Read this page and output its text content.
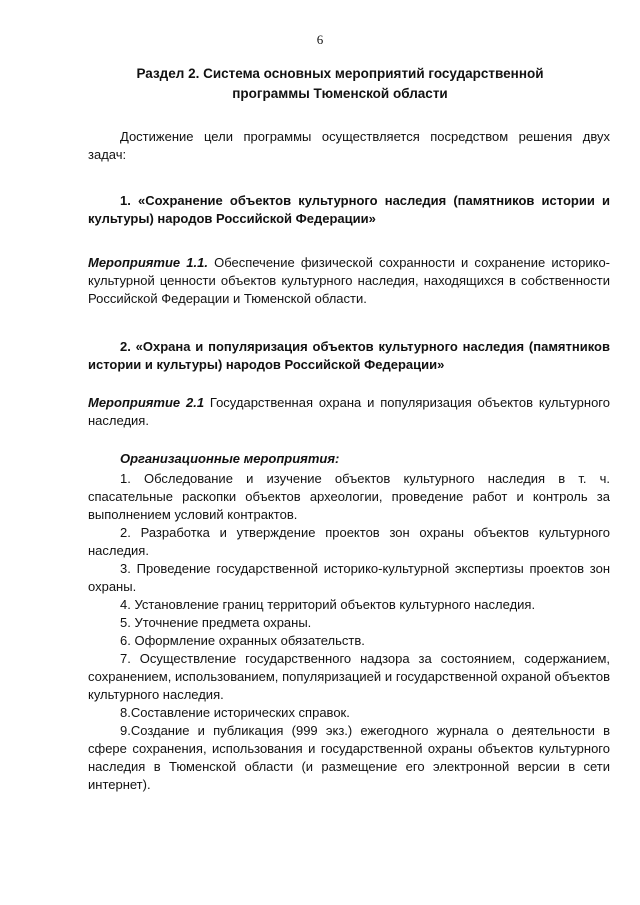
6
Раздел 2. Система основных мероприятий государственной программы Тюменской области
Достижение цели программы осуществляется посредством решения двух задач:
1. «Сохранение объектов культурного наследия (памятников истории и культуры) народов Российской Федерации»
Мероприятие 1.1. Обеспечение физической сохранности и сохранение историко-культурной ценности объектов культурного наследия, находящихся в собственности Российской Федерации и Тюменской области.
2. «Охрана и популяризация объектов культурного наследия (памятников истории и культуры) народов Российской Федерации»
Мероприятие 2.1 Государственная охрана и популяризация объектов культурного наследия.
Организационные мероприятия:

1. Обследование и изучение объектов культурного наследия в т. ч. спасательные раскопки объектов археологии, проведение работ и контроль за выполнением условий контрактов.

2. Разработка и утверждение проектов зон охраны объектов культурного наследия.

3. Проведение государственной историко-культурной экспертизы проектов зон охраны.

4. Установление границ территорий объектов культурного наследия.

5. Уточнение предмета охраны.

6. Оформление охранных обязательств.

7. Осуществление государственного надзора за состоянием, содержанием, сохранением, использованием, популяризацией и государственной охраной объектов культурного наследия.

8.Составление исторических справок.

9.Создание и публикация (999 экз.) ежегодного журнала о деятельности в сфере сохранения, использования и государственной охраны объектов культурного наследия в Тюменской области (и размещение его электронной версии в сети интернет).
